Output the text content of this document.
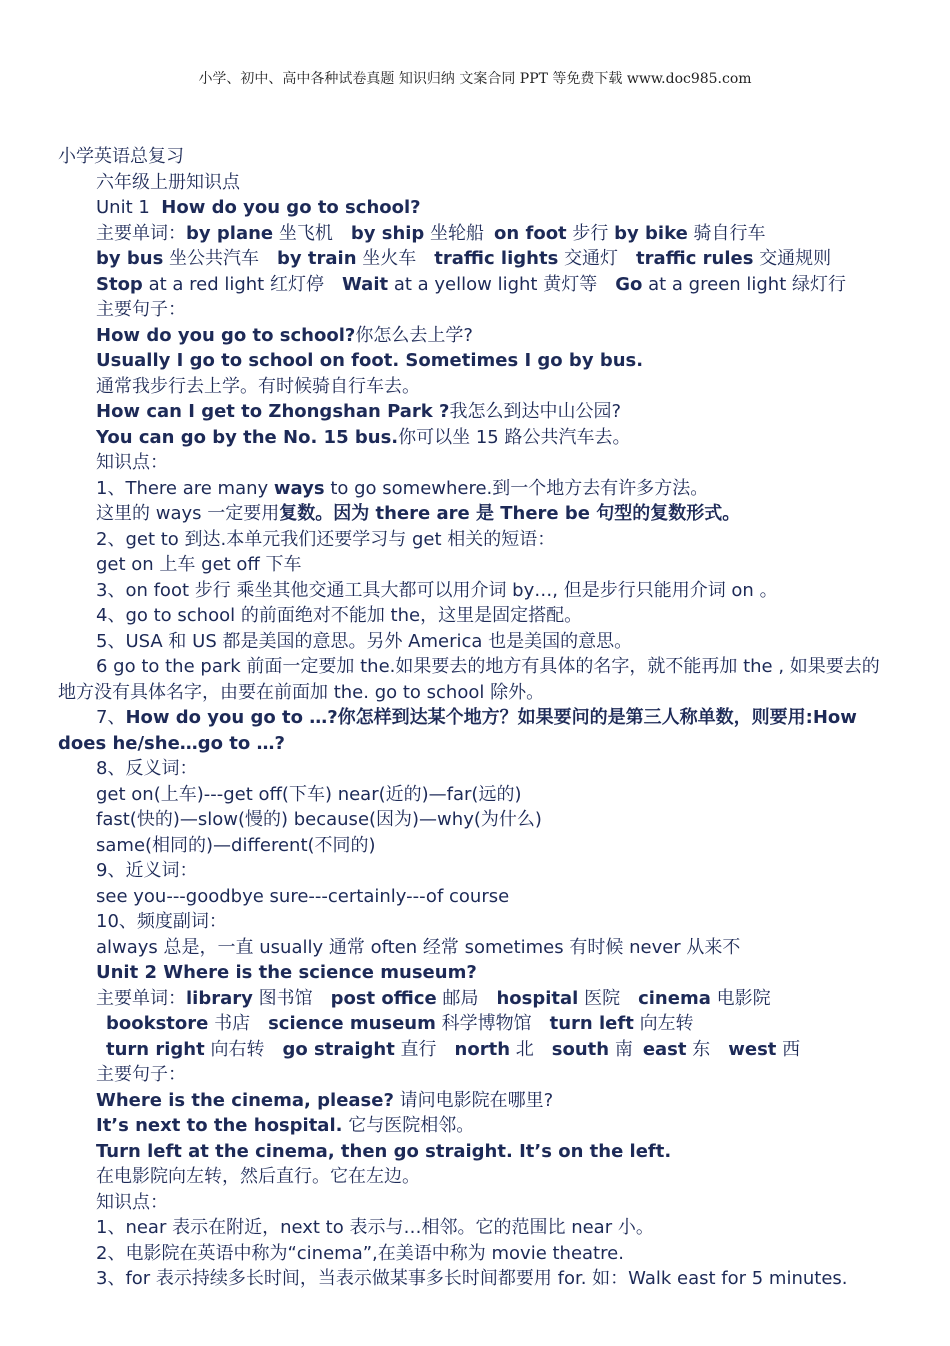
小学、初中、高中各种试卷真题 知识归纳 文案合同 PPT 等免费下载 www.doc985.com
小学英语总复习
六年级上册知识点
Unit 1 How do you go to school?
主要单词：by plane 坐飞机 by ship 坐轮船 on foot 步行 by bike 骑自行车
by bus 坐公共汽车 by train 坐火车 traffic lights 交通灯 traffic rules 交通规则
Stop at a red light 红灯停 Wait at a yellow light 黄灯等 Go at a green light 绿灯行
主要句子：
How do you go to school?你怎么去上学?
Usually I go to school on foot. Sometimes I go by bus.
通常我步行去上学。有时候骑自行车去。
How can I get to Zhongshan Park ?我怎么到达中山公园?
You can go by the No. 15 bus.你可以坐 15 路公共汽车去。
知识点：
1、There are many ways to go somewhere.到一个地方去有许多方法。
这里的 ways 一定要用复数。因为 there are 是 There be 句型的复数形式。
2、get to 到达.本单元我们还要学习与 get 相关的短语：
get on 上车 get off 下车
3、on foot 步行 乘坐其他交通工具大都可以用介词 by…, 但是步行只能用介词 on 。
4、go to school 的前面绝对不能加 the，这里是固定搭配。
5、USA 和 US 都是美国的意思。另外 America 也是美国的意思。
6 go to the park 前面一定要加 the.如果要去的地方有具体的名字，就不能再加 the , 如果要去的地方没有具体名字，由要在前面加 the. go to school 除外。
7、How do you go to …?你怎样到达某个地方？如果要问的是第三人称单数，则要用:How does he/she…go to …?
8、反义词：
get on(上车)---get off(下车) near(近的)—far(远的)
fast(快的)—slow(慢的) because(因为)—why(为什么)
same(相同的)—different(不同的)
9、近义词：
see you---goodbye sure---certainly---of course
10、频度副词：
always 总是，一直 usually 通常 often 经常 sometimes 有时候 never 从来不
Unit 2 Where is the science museum?
主要单词：library 图书馆 post office 邮局 hospital 医院 cinema 电影院
bookstore 书店 science museum 科学博物馆 turn left 向左转
turn right 向右转 go straight 直行 north 北 south 南 east 东 west 西
主要句子：
Where is the cinema, please? 请问电影院在哪里?
It’s next to the hospital. 它与医院相邻。
Turn left at the cinema, then go straight. It’s on the left.
在电影院向左转，然后直行。它在左边。
知识点：
1、near 表示在附近，next to 表示与…相邻。它的范围比 near 小。
2、电影院在英语中称为“cinema”,在美语中称为 movie theatre.
3、for 表示持续多长时间，当表示做某事多长时间都要用 for. 如：Walk east for 5 minutes.
